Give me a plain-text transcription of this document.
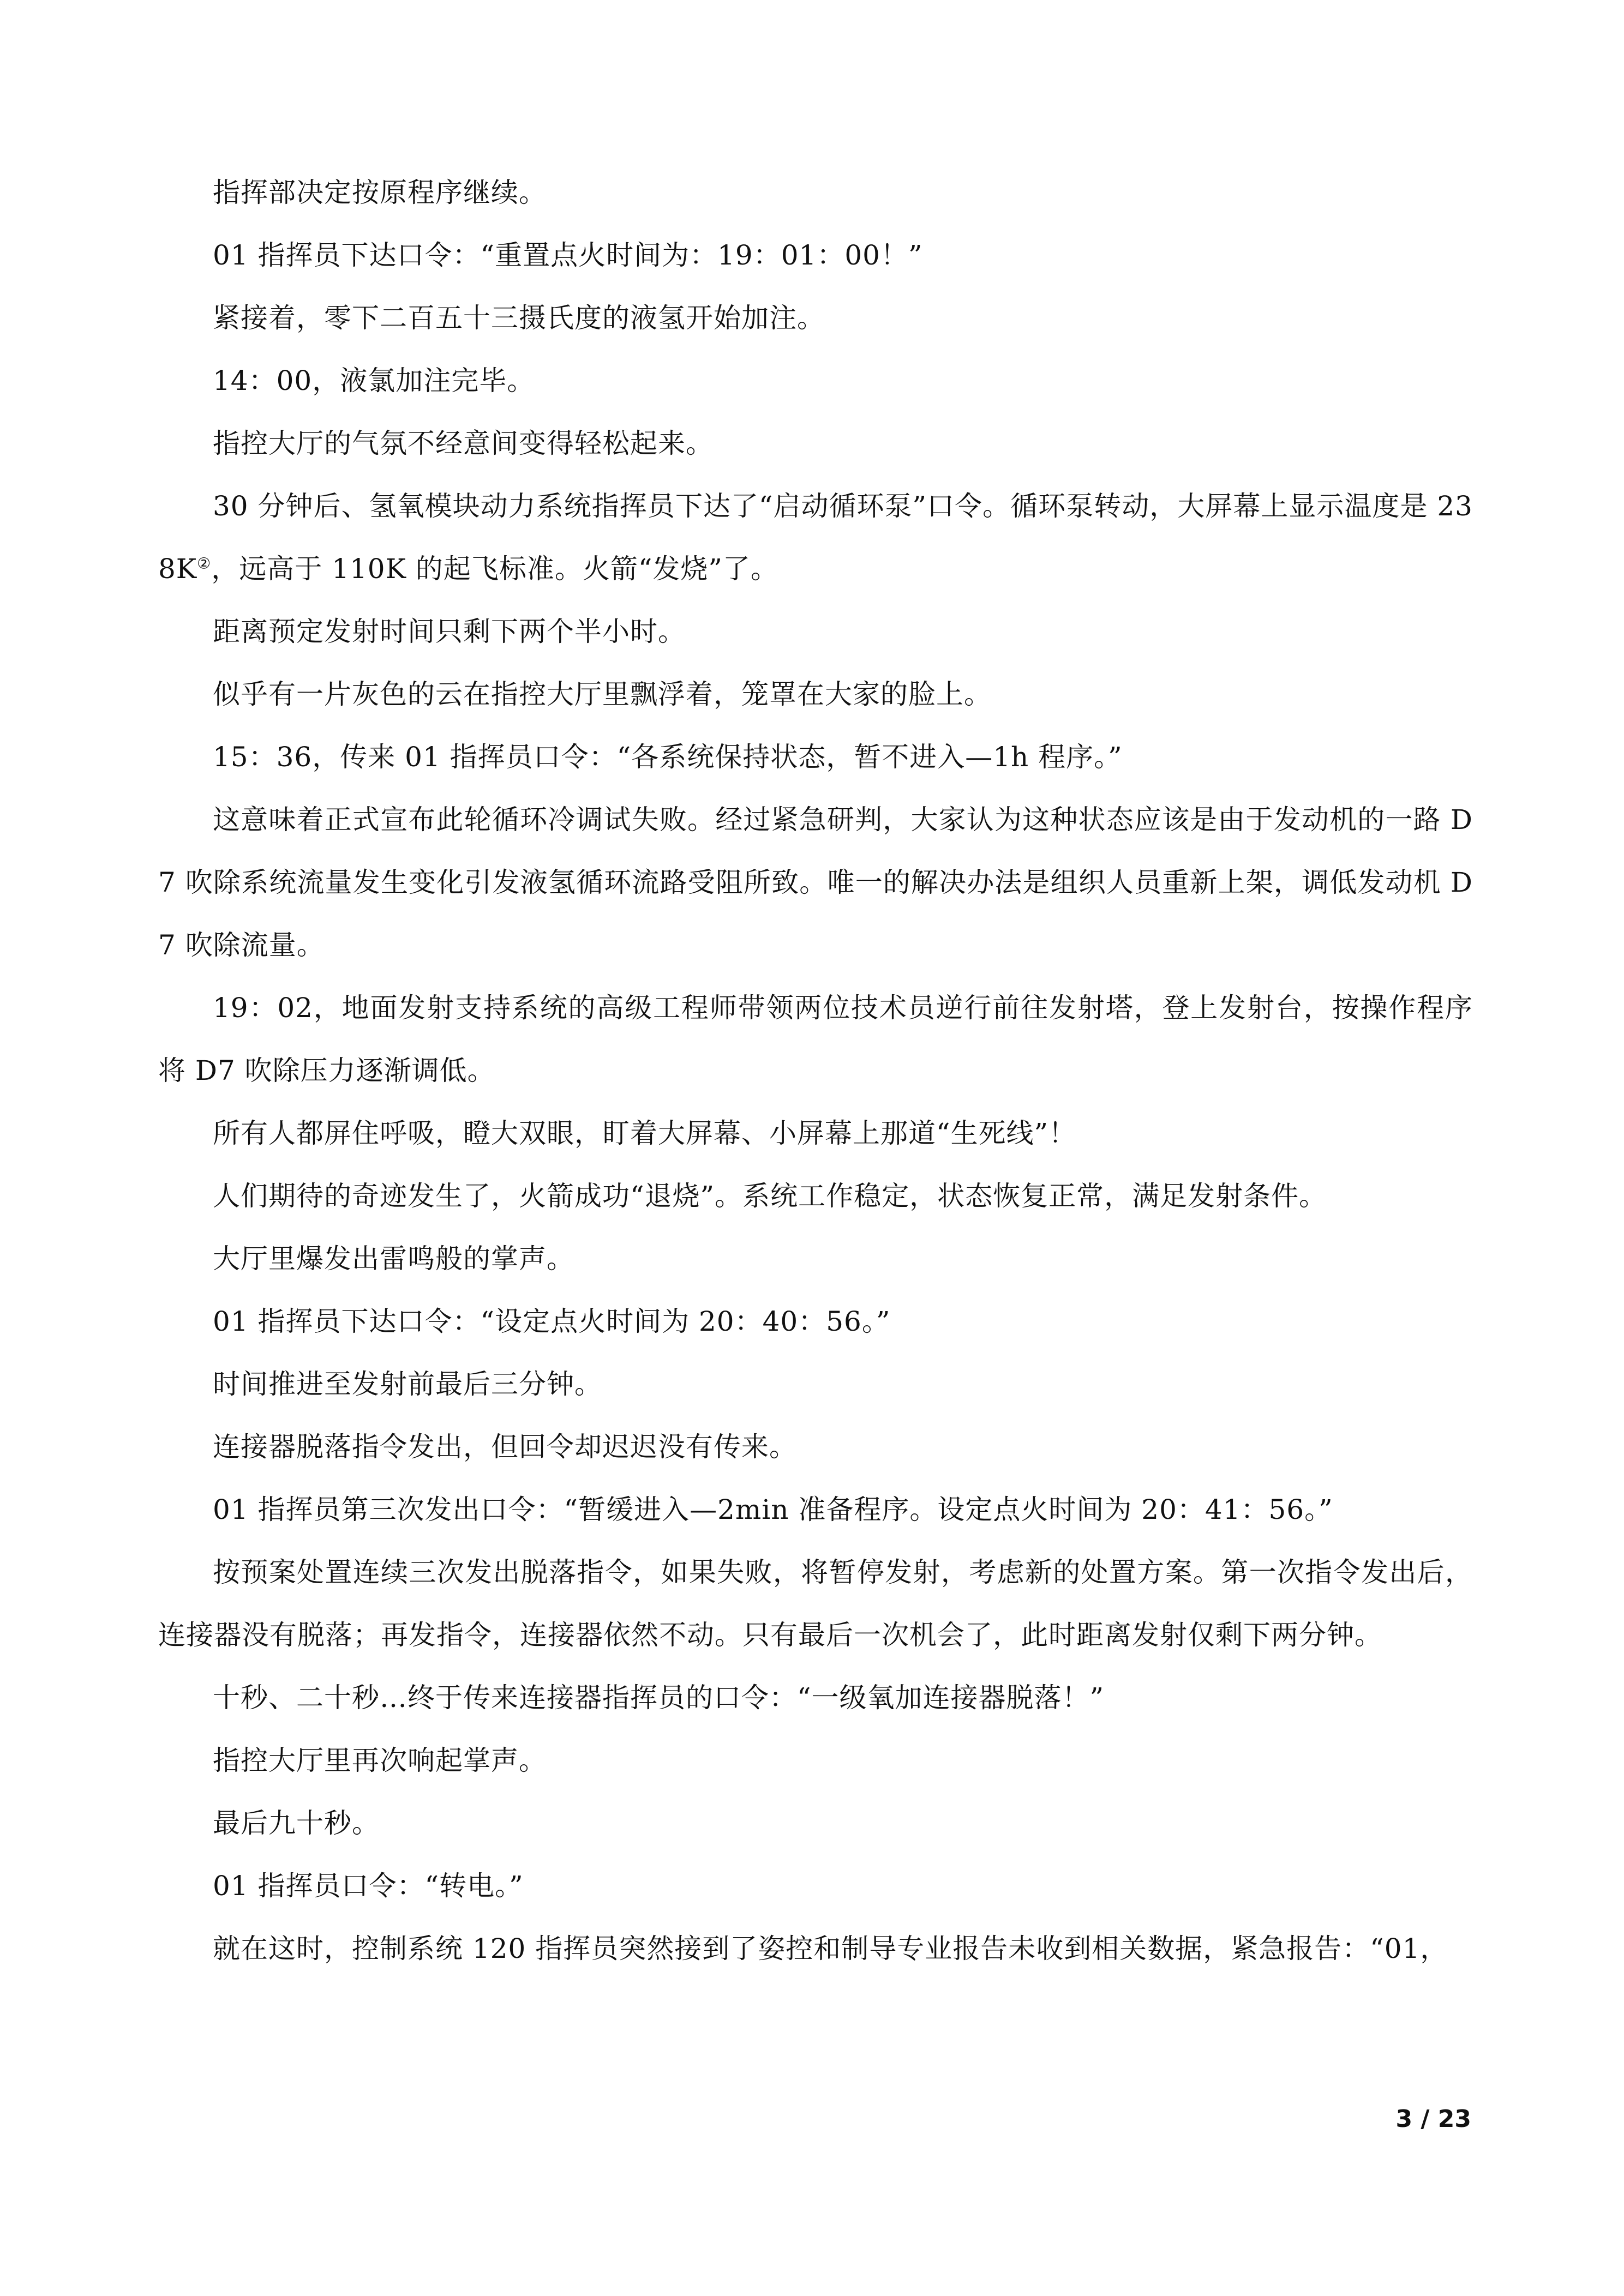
指挥部决定按原程序继续。

01 指挥员下达口令：“重置点火时间为：19：01：00！”

紧接着，零下二百五十三摄氏度的液氢开始加注。

14：00，液氯加注完毕。

指控大厅的气氛不经意间变得轻松起来。

30 分钟后、氢氧模块动力系统指挥员下达了“启动循环泵”口令。循环泵转动，大屏幕上显示温度是 238K②，远高于 110K 的起飞标准。火箭“发烧”了。

距离预定发射时间只剩下两个半小时。

似乎有一片灰色的云在指控大厅里飘浮着，笼罩在大家的脸上。

15：36，传来 01 指挥员口令：“各系统保持状态，暂不进入—1h 程序。”

这意味着正式宣布此轮循环冷调试失败。经过紧急研判，大家认为这种状态应该是由于发动机的一路 D7 吹除系统流量发生变化引发液氢循环流路受阻所致。唯一的解决办法是组织人员重新上架，调低发动机 D7 吹除流量。

19：02，地面发射支持系统的高级工程师带领两位技术员逆行前往发射塔，登上发射台，按操作程序将 D7 吹除压力逐渐调低。

所有人都屏住呼吸，瞪大双眼，盯着大屏幕、小屏幕上那道“生死线”！

人们期待的奇迹发生了，火箭成功“退烧”。系统工作稳定，状态恢复正常，满足发射条件。

大厅里爆发出雷鸣般的掌声。

01 指挥员下达口令：“设定点火时间为 20：40：56。”

时间推进至发射前最后三分钟。

连接器脱落指令发出，但回令却迟迟没有传来。

01 指挥员第三次发出口令：“暂缓进入—2min 准备程序。设定点火时间为 20：41：56。”

按预案处置连续三次发出脱落指令，如果失败，将暂停发射，考虑新的处置方案。第一次指令发出后，连接器没有脱落；再发指令，连接器依然不动。只有最后一次机会了，此时距离发射仅剩下两分钟。

十秒、二十秒…终于传来连接器指挥员的口令：“一级氧加连接器脱落！”

指控大厅里再次响起掌声。

最后九十秒。

01 指挥员口令：“转电。”

就在这时，控制系统 120 指挥员突然接到了姿控和制导专业报告未收到相关数据，紧急报告：“01，

3 / 23
